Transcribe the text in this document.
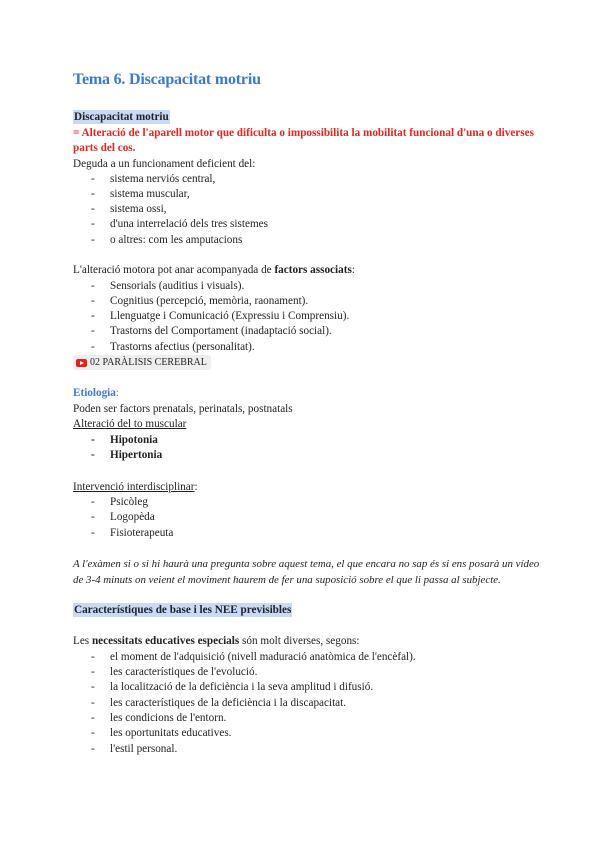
Tema 6. Discapacitat motriu
Discapacitat motriu
= Alteració de l'aparell motor que dificulta o impossibilita la mobilitat funcional d'una o diverses
parts del cos.
Deguda a un funcionament deficient del:
- sistema nerviós central,
- sistema muscular,
- sistema ossi,
- d'una interrelació dels tres sistemes
- o altres: com les amputacions
L'alteració motora pot anar acompanyada de factors associats:
- Sensorials (auditius i visuals).
- Cognitius (percepció, memòria, raonament).
- Llenguatge i Comunicació (Expressiu i Comprensiu).
- Trastorns del Comportament (inadaptació social).
- Trastorns afectius (personalitat).
02 PARÀLISIS CEREBRAL
Etiologia:
Poden ser factors prenatals, perinatals, postnatals
Alteració del to muscular
- Hipotonia
- Hipertonia
Intervenció interdisciplinar:
- Psicòleg
- Logopèda
- Fisioterapeuta
A l'exàmen si o si hi haurà una pregunta sobre aquest tema, el que encara no sap és si ens posarà un vídeo
de 3-4 minuts on veient el moviment haurem de fer una suposició sobre el que li passa al subjecte.
Característiques de base i les NEE previsibles
Les necessitats educatives especials són molt diverses, segons:
- el moment de l'adquisició (nivell maduració anatòmica de l'encèfal).
- les característiques de l'evolució.
- la localització de la deficiència i la seva amplitud i difusió.
- les característiques de la deficiència i la discapacitat.
- les condicions de l'entorn.
- les oportunitats educatives.
- l'estil personal.
